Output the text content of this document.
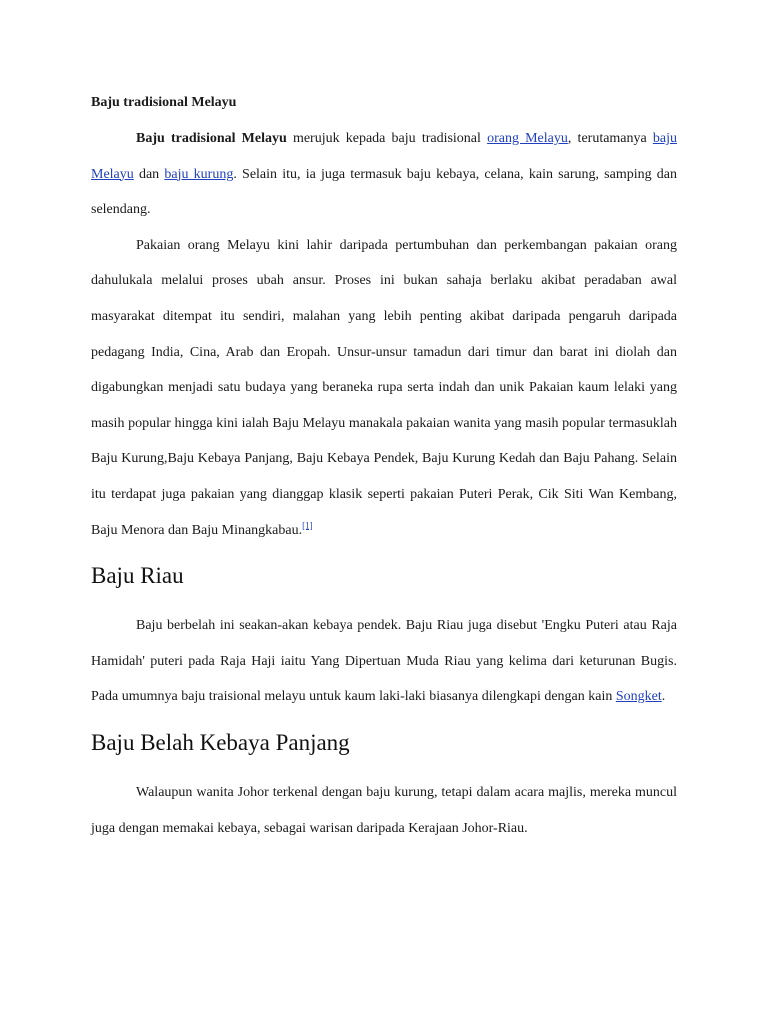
Baju tradisional Melayu

Baju tradisional Melayu merujuk kepada baju tradisional orang Melayu, terutamanya baju Melayu dan baju kurung. Selain itu, ia juga termasuk baju kebaya, celana, kain sarung, samping dan selendang.

Pakaian orang Melayu kini lahir daripada pertumbuhan dan perkembangan pakaian orang dahulukala melalui proses ubah ansur. Proses ini bukan sahaja berlaku akibat peradaban awal masyarakat ditempat itu sendiri, malahan yang lebih penting akibat daripada pengaruh daripada pedagang India, Cina, Arab dan Eropah. Unsur-unsur tamadun dari timur dan barat ini diolah dan digabungkan menjadi satu budaya yang beraneka rupa serta indah dan unik Pakaian kaum lelaki yang masih popular hingga kini ialah Baju Melayu manakala pakaian wanita yang masih popular termasuklah Baju Kurung,Baju Kebaya Panjang, Baju Kebaya Pendek, Baju Kurung Kedah dan Baju Pahang. Selain itu terdapat juga pakaian yang dianggap klasik seperti pakaian Puteri Perak, Cik Siti Wan Kembang, Baju Menora dan Baju Minangkabau.[1]

Baju Riau

Baju berbelah ini seakan-akan kebaya pendek. Baju Riau juga disebut 'Engku Puteri atau Raja Hamidah' puteri pada Raja Haji iaitu Yang Dipertuan Muda Riau yang kelima dari keturunan Bugis. Pada umumnya baju traisional melayu untuk kaum laki-laki biasanya dilengkapi dengan kain Songket.

Baju Belah Kebaya Panjang

Walaupun wanita Johor terkenal dengan baju kurung, tetapi dalam acara majlis, mereka muncul juga dengan memakai kebaya, sebagai warisan daripada Kerajaan Johor-Riau.
